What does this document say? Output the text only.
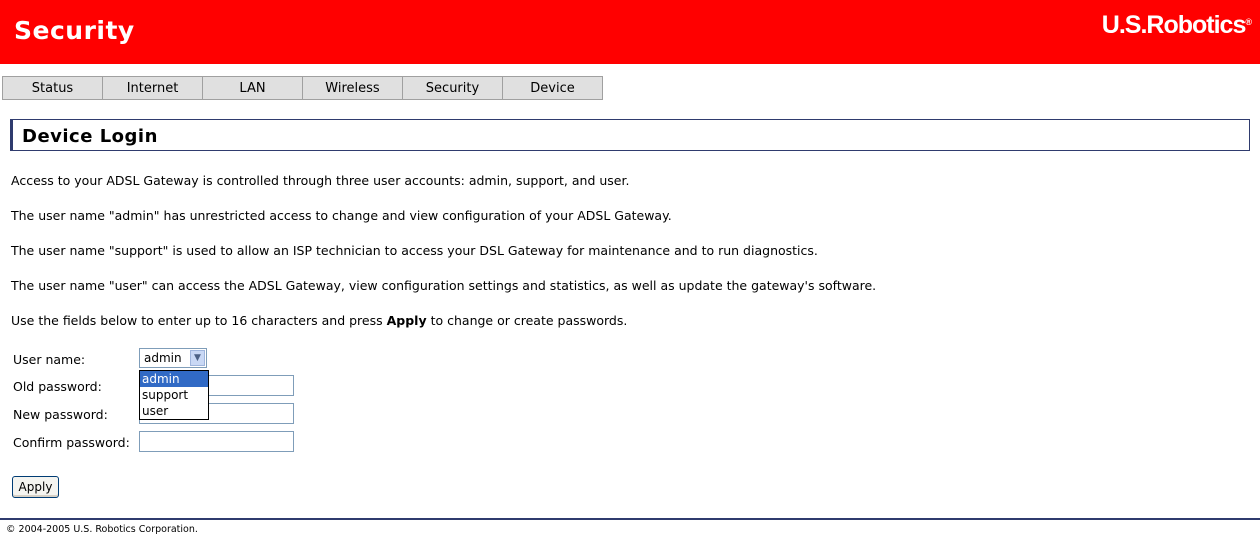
Security	U.S.Robotics®
Status	Internet	LAN	Wireless	Security	Device
Device Login
Access to your ADSL Gateway is controlled through three user accounts: admin, support, and user.
The user name "admin" has unrestricted access to change and view configuration of your ADSL Gateway.
The user name "support" is used to allow an ISP technician to access your DSL Gateway for maintenance and to run diagnostics.
The user name "user" can access the ADSL Gateway, view configuration settings and statistics, as well as update the gateway's software.
Use the fields below to enter up to 16 characters and press Apply to change or create passwords.
User name:	admin	▼
admin
support
user
Old password:
New password:
Confirm password:
Apply
© 2004-2005 U.S. Robotics Corporation.
